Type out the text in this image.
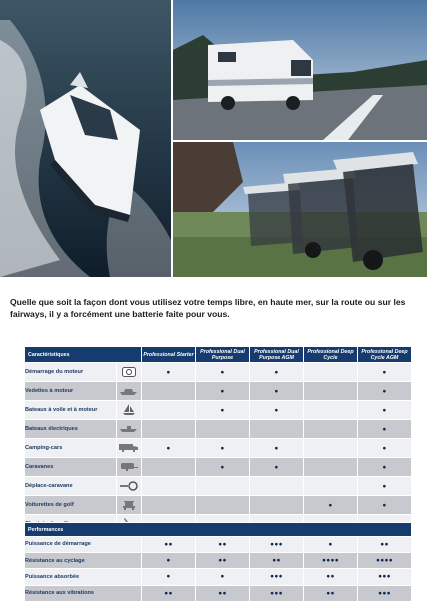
Quelle que soit la façon dont vous utilisez votre temps libre, en haute mer, sur la route ou sur les fairways, il y a forcément une batterie faite pour vous.

Caractéristiques		Professional Starter	Professional Dual Purpose	Professional Dual Purpose AGM	Professional Deep Cycle	Professional Deep Cycle AGM
Démarrage du moteur		●	●	●		●
Vedettes à moteur			●	●		●
Bateaux à voile et à moteur			●	●		●
Bateaux électriques						●
Camping-cars		●	●	●		●
Caravanes			●	●		●
Déplace-caravane						●
Voiturettes de golf					●	●

Performances					
Puissance de démarrage	●●	●●	●●●	●	●●
Résistance au cyclage	●	●●	●●	●●●●	●●●●
Puissance absorbée	●	●	●●●	●●	●●●
Résistance aux vibrations	●●	●●	●●●	●●	●●●
